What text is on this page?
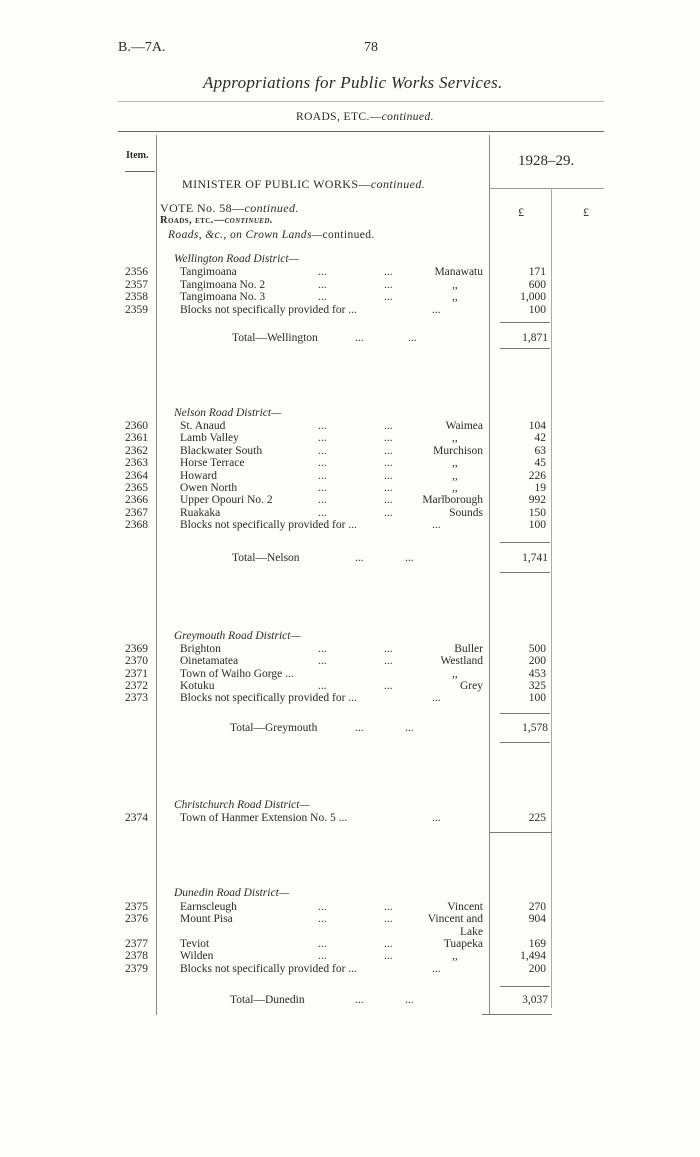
B.—7A.	78
Appropriations for Public Works Services.
ROADS, ETC.—continued.
Item.	1928–29.
£	£
MINISTER OF PUBLIC WORKS—continued.
VOTE No. 58—continued.
Roads, etc.—continued.
Roads, &c., on Crown Lands—continued.
Wellington Road District—
2356	Tangimoana	...	...	Manawatu	171
2357	Tangimoana No. 2	...	...	,,	600
2358	Tangimoana No. 3	...	...	,,	1,000
2359	Blocks not specifically provided for ...	...	100
Total—Wellington	...	...	1,871
Nelson Road District—
2360	St. Anaud	...	...	Waimea	104
2361	Lamb Valley	...	...	,,	42
2362	Blackwater South	...	...	Murchison	63
2363	Horse Terrace	...	...	,,	45
2364	Howard	...	...	,,	226
2365	Owen North	...	...	,,	19
2366	Upper Opouri No. 2	...	...	Marlborough	992
2367	Ruakaka	...	...	Sounds	150
2368	Blocks not specifically provided for ...	...	100
Total—Nelson	...	...	1,741
Greymouth Road District—
2369	Brighton	...	...	Buller	500
2370	Oinetamatea	...	...	Westland	200
2371	Town of Waiho Gorge ...	,,	453
2372	Kotuku	...	...	Grey	325
2373	Blocks not specifically provided for ...	...	100
Total—Greymouth	...	...	1,578
Christchurch Road District—
2374	Town of Hanmer Extension No. 5 ...	...	225
Dunedin Road District—
2375	Earnscleugh	...	...	Vincent	270
2376	Mount Pisa	...	...	Vincent and	904
Lake
2377	Teviot	...	...	Tuapeka	169
2378	Wilden	...	...	,,	1,494
2379	Blocks not specifically provided for ...	...	200
Total—Dunedin	...	...	3,037
